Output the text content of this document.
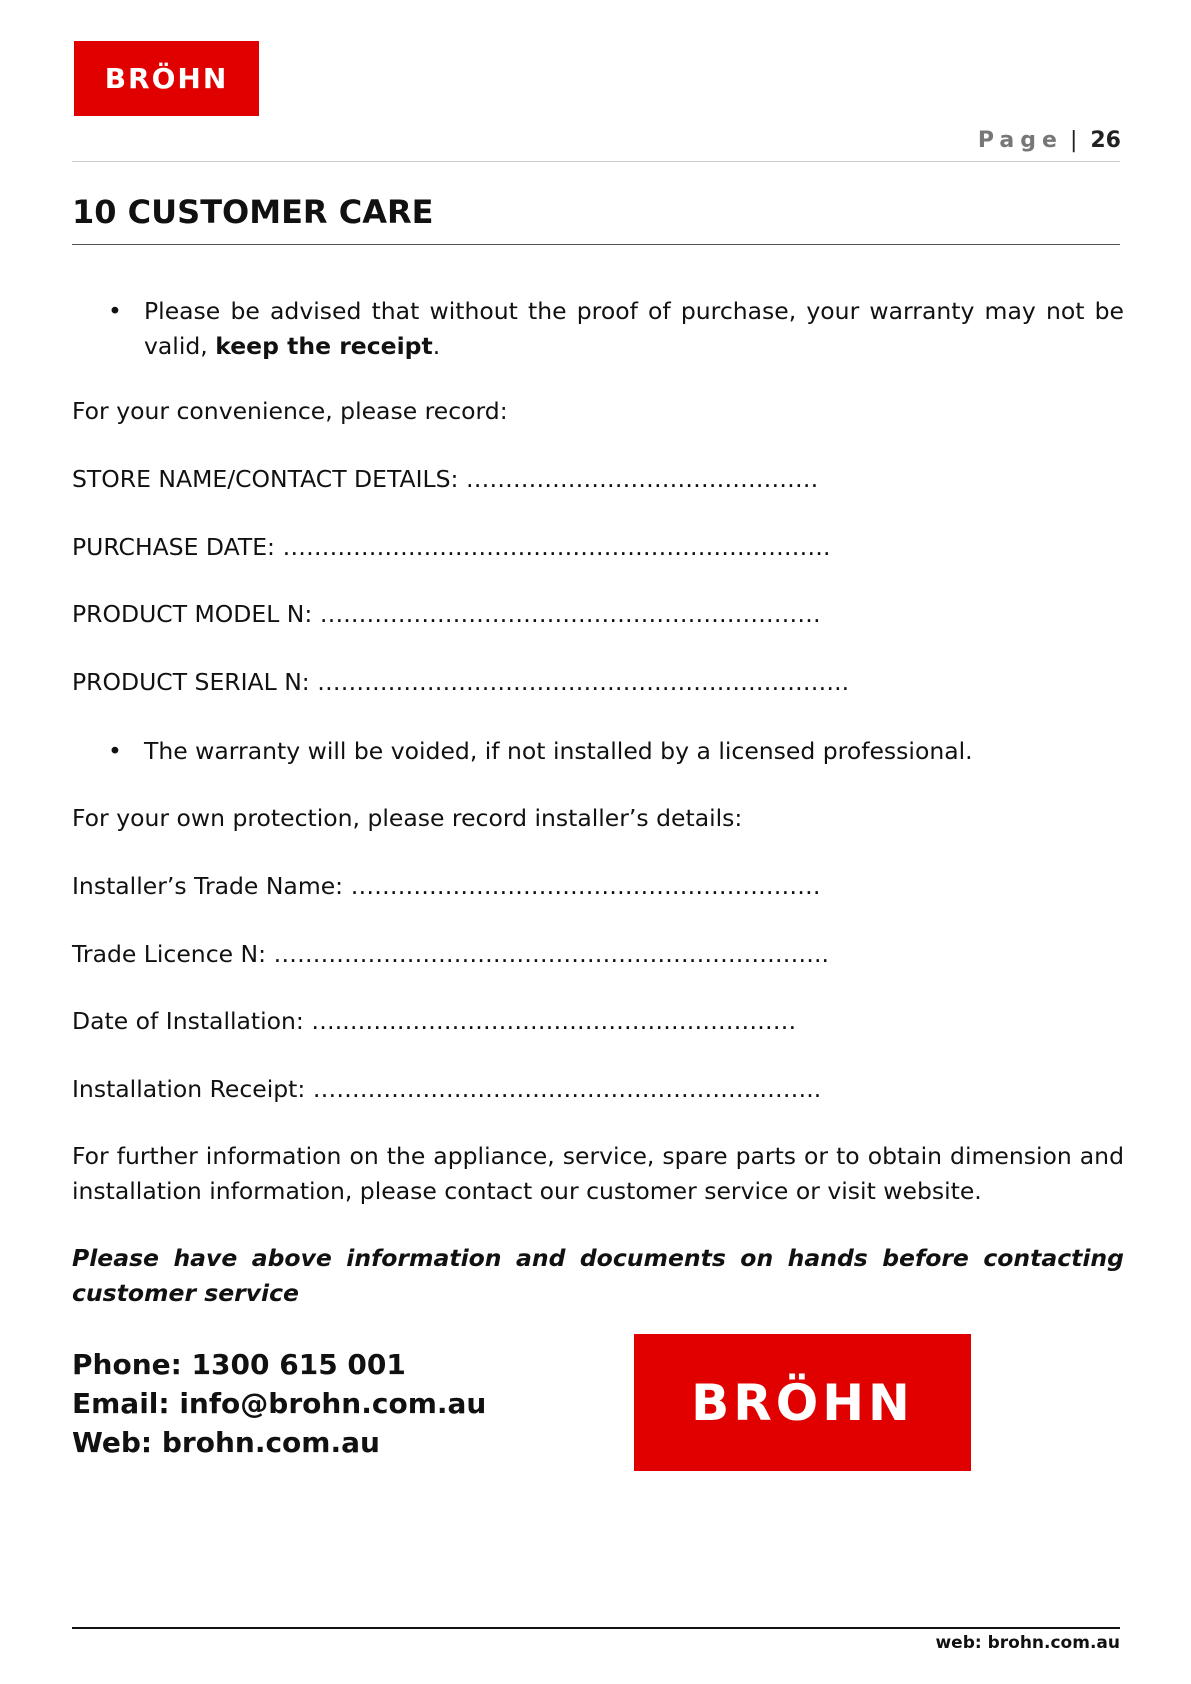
BRÖHN
Page | 26
10 CUSTOMER CARE
• Please be advised that without the proof of purchase, your warranty may not be valid, keep the receipt.
For your convenience, please record:
STORE NAME/CONTACT DETAILS: ………………………………………
PURCHASE DATE: …………………………………………………………….
PRODUCT MODEL N: ….……………………………………………………
PRODUCT SERIAL N: …………………………………………………………..
• The warranty will be voided, if not installed by a licensed professional.
For your own protection, please record installer’s details:
Installer’s Trade Name: ……………………………………………………
Trade Licence N: ……………………………………………………………..
Date of Installation: …..…………………………………………………
Installation Receipt: ………………………………………………………..
For further information on the appliance, service, spare parts or to obtain dimension and installation information, please contact our customer service or visit website.
Please have above information and documents on hands before contacting customer service
Phone: 1300 615 001
Email: info@brohn.com.au
Web: brohn.com.au
BRÖHN
web: brohn.com.au
